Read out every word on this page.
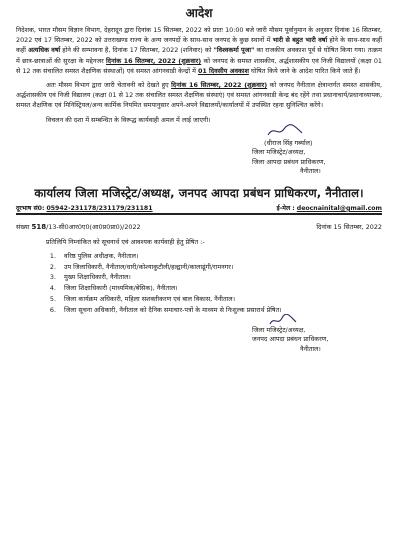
आदेश

निदेशक, भारत मौसम विज्ञान विभाग, देहरादून द्वारा दिनांक 15 सितम्बर, 2022 को प्रातः 10:00 बजे जारी मौसम पूर्वानुमान के अनुसार दिनांक 16 सितम्बर, 2022 एवं 17 सितम्बर, 2022 को उत्तराखण्ड राज्य के अन्य जनपदों के साथ-साथ जनपद के कुछ स्थानों में भारी से बहुत भारी वर्षा होने के साथ-साथ कहीं कहीं अत्यधिक वर्षा होने की सम्भावना है, दिनांक 17 सितम्बर, 2022 (शनिवार) को "विश्वकर्मा पूजा" का राजकीय अवकाश पूर्व से घोषित किया गया। तत्क्रम में छात्र-छात्राओं की सुरक्षा के मद्देनजर दिनांक 16 सितम्बर, 2022 (शुक्रवार) को जनपद के समस्त शासकीय, अर्द्धशासकीय एवं निजी विद्यालयों (कक्षा 01 से 12 तक संचालित समस्त शैक्षणिक संस्थाओं) एवं समस्त आंगनवाडी केन्द्रों में 01 दिवसीय अवकाश घोषित किये जाने के आदेश पारित किये जाते हैं।

अतः मौसम विभाग द्वारा जारी चेतावनी को देखते हुए दिनांक 16 सितम्बर, 2022 (शुक्रवार) को जनपद नैनीताल क्षेत्रान्तर्गत समस्त शासकीय, अर्द्धशासकीय एवं निजी विद्यालय (कक्षा 01 से 12 तक संचालित समस्त शैक्षणिक संस्थाएं) एवं समस्त आंगनवाडी केन्द्र बंद रहेंगे तथा प्रधानाचार्य/प्रधानाध्यापक, समस्त शैक्षणिक एवं मिनिस्ट्रियल/अन्य कार्मिक नियमित समयानुसार अपने-अपने विद्यालयों/कार्यालयों में उपस्थित रहना सुनिश्चित करेंगे।

विचलन की दशा में सम्बन्धित के विरूद्ध कार्यवाही अमल में लाई जाएगी।

(धीराज सिंह गर्ब्याल)
जिला मजिस्ट्रेट/अध्यक्ष,
जिला आपदा प्रबंधन प्राधिकरण,
नैनीताल।
कार्यालय जिला मजिस्ट्रेट/अध्यक्ष, जनपद आपदा प्रबंधन प्राधिकरण, नैनीताल।
दूरभाष सं0: 05942-231178/231179/231181	ई-मेल : deocnainital@gmail.com
संख्या 518/13-सी0आर0ए0(आ0प्र0प्रा0)/2022	दिनांक 15 सितम्बर, 2022
प्रतिलिपि निम्नांकित को सूचनार्थ एवं आवश्यक कार्यवाही हेतु प्रेषित :-
1.	वरिष्ठ पुलिस अधीक्षक, नैनीताल।
2.	उप जिलाधिकारी, नैनीताल/धारी/कोश्याकुटौली/हल्द्वानी/कालाढूंगी/रामनगर।
3.	मुख्य शिक्षाधिकारी, नैनीताल।
4.	जिला शिक्षाधिकारी (माध्यमिक/बेसिक), नैनीताल।
5.	जिला कार्यक्रम अधिकारी, महिला सशक्तीकरण एवं बाल विकास, नैनीताल।
6.	जिला सूचना अधिकारी, नैनीताल को दैनिक समाचार-पत्रों के माध्यम से निःशुल्क प्रसारार्थ प्रेषित।
जिला मजिस्ट्रेट/अध्यक्ष,
जनपद आपदा प्रबंधन प्राधिकरण,
नैनीताल।
